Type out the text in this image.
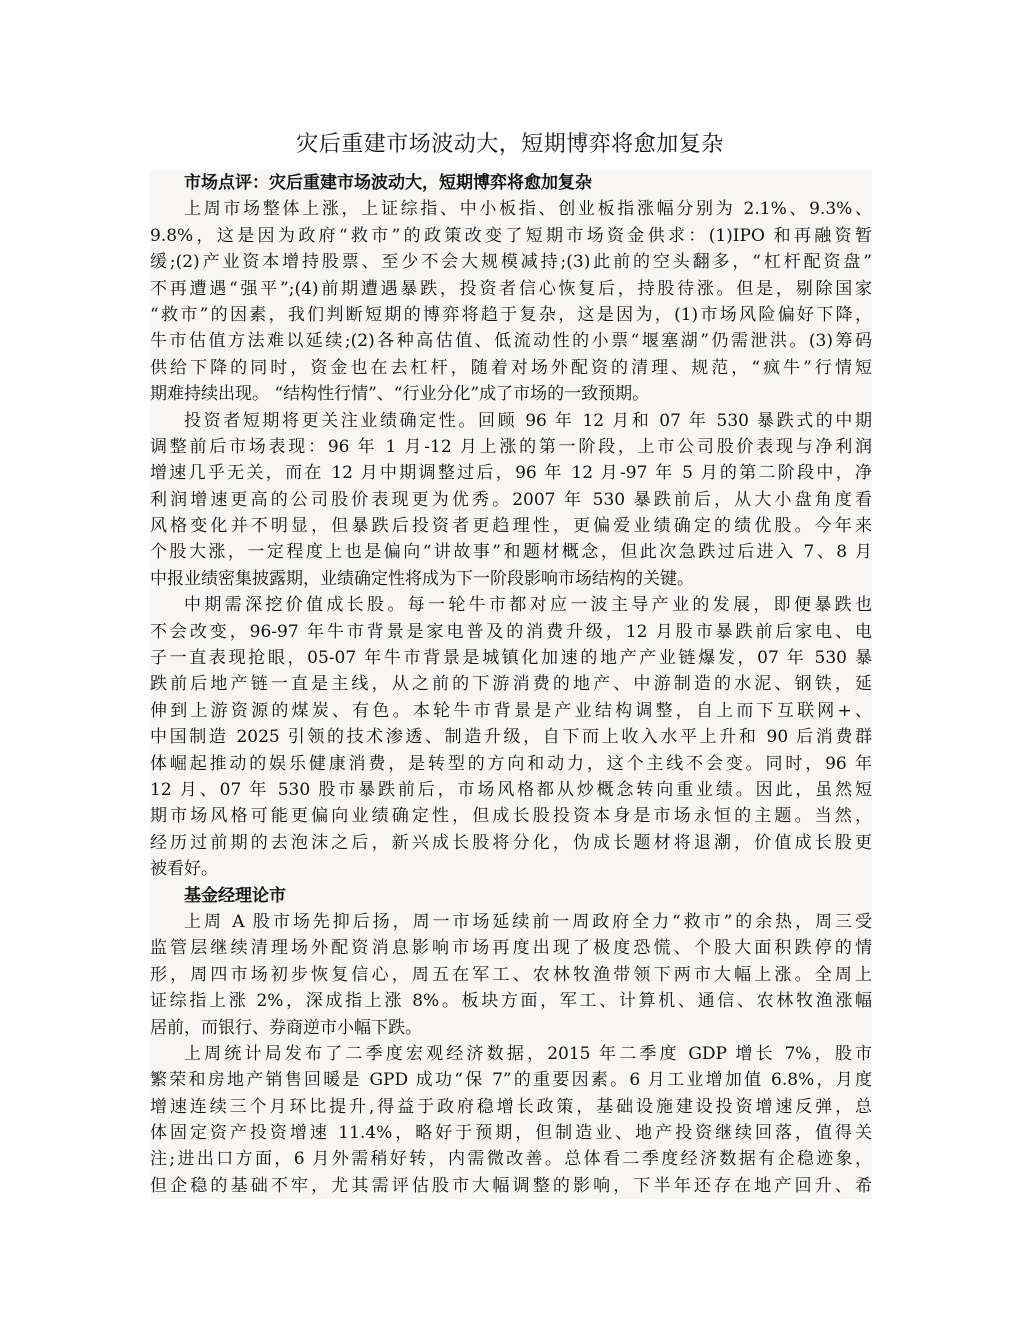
灾后重建市场波动大，短期博弈将愈加复杂
市场点评：灾后重建市场波动大，短期博弈将愈加复杂
上周市场整体上涨，上证综指、中小板指、创业板指涨幅分别为 2.1%、9.3%、
9.8%，这是因为政府“救市”的政策改变了短期市场资金供求：(1)IPO 和再融资暂
缓;(2)产业资本增持股票、至少不会大规模减持;(3)此前的空头翻多，“杠杆配资盘”
不再遭遇“强平”;(4)前期遭遇暴跌，投资者信心恢复后，持股待涨。但是，剔除国家
“救市”的因素，我们判断短期的博弈将趋于复杂，这是因为，(1)市场风险偏好下降，
牛市估值方法难以延续;(2)各种高估值、低流动性的小票“堰塞湖”仍需泄洪。(3)筹码
供给下降的同时，资金也在去杠杆，随着对场外配资的清理、规范，“疯牛”行情短
期难持续出现。 “结构性行情”、“行业分化”成了市场的一致预期。
投资者短期将更关注业绩确定性。回顾 96 年 12 月和 07 年 530 暴跌式的中期
调整前后市场表现：96 年 1 月-12 月上涨的第一阶段，上市公司股价表现与净利润
增速几乎无关，而在 12 月中期调整过后，96 年 12 月-97 年 5 月的第二阶段中，净
利润增速更高的公司股价表现更为优秀。2007 年 530 暴跌前后，从大小盘角度看
风格变化并不明显，但暴跌后投资者更趋理性，更偏爱业绩确定的绩优股。今年来
个股大涨，一定程度上也是偏向“讲故事”和题材概念，但此次急跌过后进入 7、8 月
中报业绩密集披露期，业绩确定性将成为下一阶段影响市场结构的关键。
中期需深挖价值成长股。每一轮牛市都对应一波主导产业的发展，即便暴跌也
不会改变，96-97 年牛市背景是家电普及的消费升级，12 月股市暴跌前后家电、电
子一直表现抢眼，05-07 年牛市背景是城镇化加速的地产产业链爆发，07 年 530 暴
跌前后地产链一直是主线，从之前的下游消费的地产、中游制造的水泥、钢铁，延
伸到上游资源的煤炭、有色。本轮牛市背景是产业结构调整，自上而下互联网+、
中国制造 2025 引领的技术渗透、制造升级，自下而上收入水平上升和 90 后消费群
体崛起推动的娱乐健康消费，是转型的方向和动力，这个主线不会变。同时，96 年
12 月、07 年 530 股市暴跌前后，市场风格都从炒概念转向重业绩。因此，虽然短
期市场风格可能更偏向业绩确定性，但成长股投资本身是市场永恒的主题。当然，
经历过前期的去泡沫之后，新兴成长股将分化，伪成长题材将退潮，价值成长股更
被看好。
基金经理论市
上周 A 股市场先抑后扬，周一市场延续前一周政府全力“救市”的余热，周三受
监管层继续清理场外配资消息影响市场再度出现了极度恐慌、个股大面积跌停的情
形，周四市场初步恢复信心，周五在军工、农林牧渔带领下两市大幅上涨。全周上
证综指上涨 2%，深成指上涨 8%。板块方面，军工、计算机、通信、农林牧渔涨幅
居前，而银行、券商逆市小幅下跌。
上周统计局发布了二季度宏观经济数据，2015 年二季度 GDP 增长 7%，股市
繁荣和房地产销售回暖是 GPD 成功“保 7”的重要因素。6 月工业增加值 6.8%，月度
增速连续三个月环比提升,得益于政府稳增长政策，基础设施建设投资增速反弹，总
体固定资产投资增速 11.4%，略好于预期，但制造业、地产投资继续回落，值得关
注;进出口方面，6 月外需稍好转，内需微改善。总体看二季度经济数据有企稳迹象，
但企稳的基础不牢，尤其需评估股市大幅调整的影响，下半年还存在地产回升、希
